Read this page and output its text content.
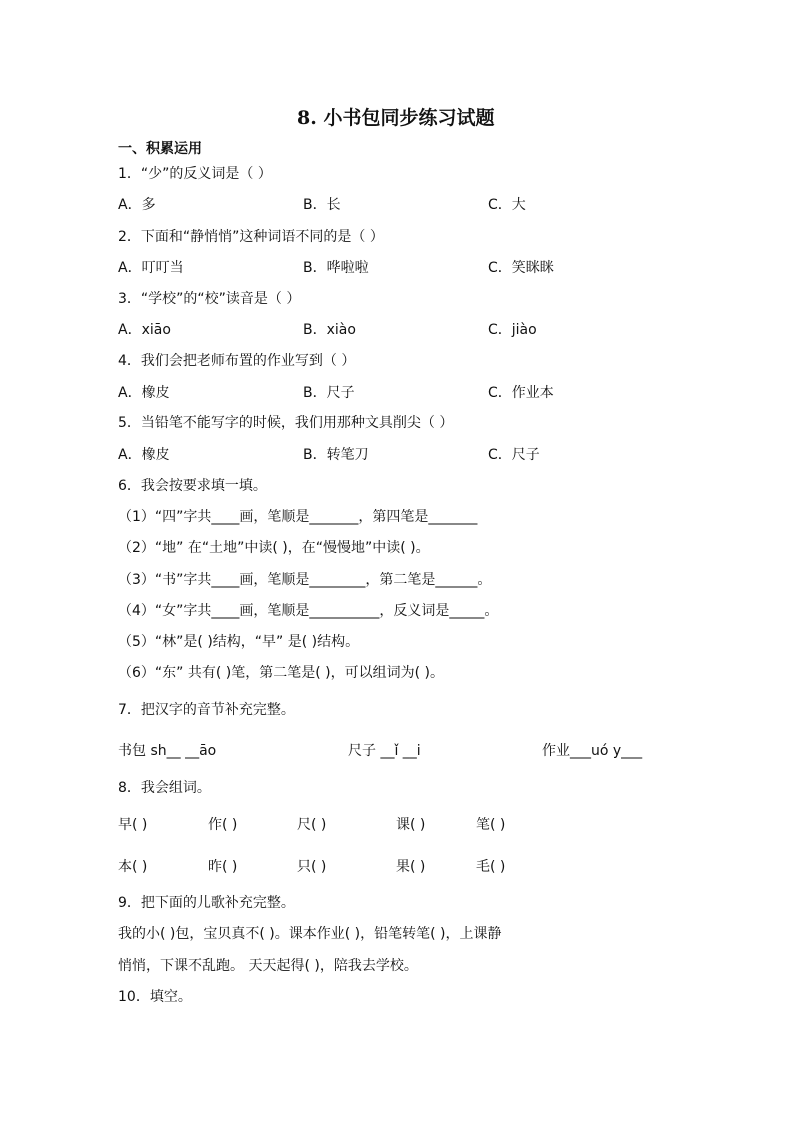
8. 小书包同步练习试题
一、积累运用
1．“少”的反义词是（ ）
A．多	B．长	C．大
2．下面和“静悄悄”这种词语不同的是（ ）
A．叮叮当	B．哗啦啦	C．笑眯眯
3．“学校”的“校”读音是（ ）
A．xiāo	B．xiào	C．jiào
4．我们会把老师布置的作业写到（ ）
A．橡皮	B．尺子	C．作业本
5．当铅笔不能写字的时候，我们用那种文具削尖（ ）
A．橡皮	B．转笔刀	C．尺子
6．我会按要求填一填。
（1）“四”字共____画，笔顺是_______，第四笔是_______
（2）“地” 在“土地”中读( )，在“慢慢地”中读( )。
（3）“书”字共____画，笔顺是________，第二笔是______。
（4）“女”字共____画，笔顺是__________，反义词是_____。
（5）“林”是( )结构，“早” 是( )结构。
（6）“东” 共有( )笔，第二笔是( )，可以组词为( )。
7．把汉字的音节补充完整。
书包 sh__ __āo	尺子 __ǐ __i	作业___uó y___
8．我会组词。
早( )	作( )	尺( )	课( )	笔( )
本( )	昨( )	只( )	果( )	毛( )
9．把下面的儿歌补充完整。
我的小( )包，宝贝真不( )。课本作业( )，铅笔转笔( )，上课静
悄悄，下课不乱跑。 天天起得( )，陪我去学校。
10．填空。
